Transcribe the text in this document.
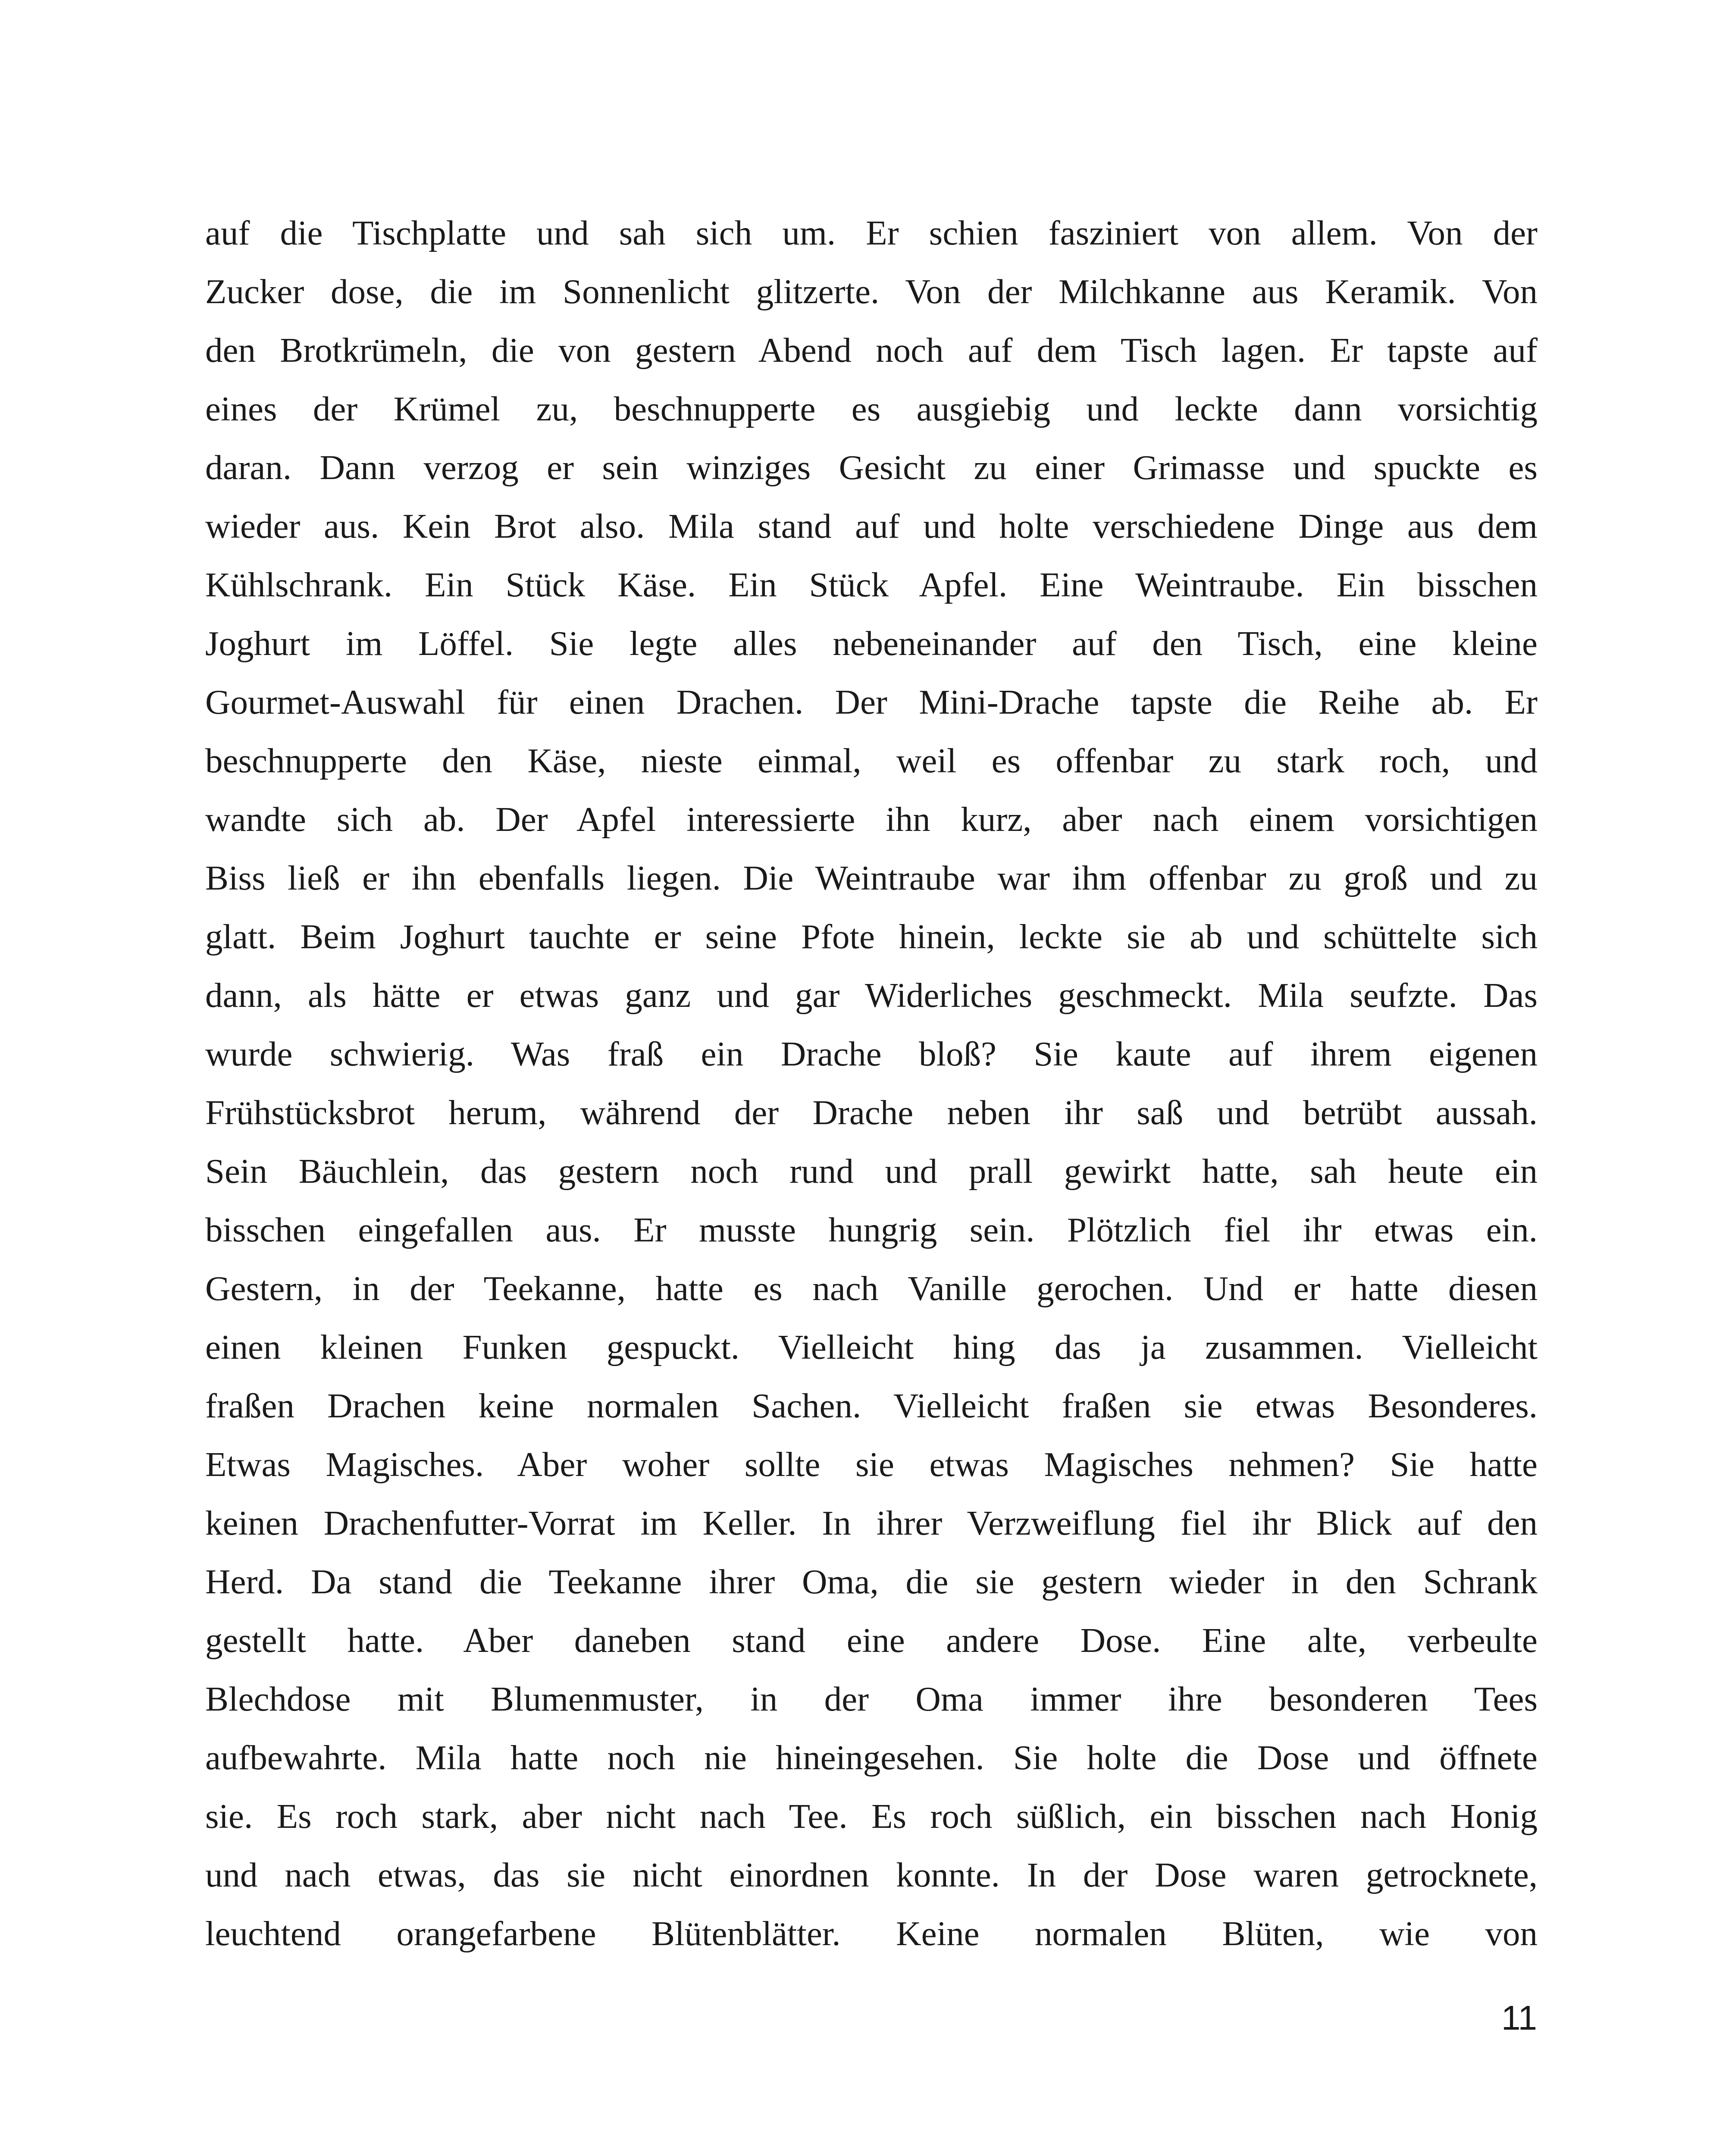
auf die Tischplatte und sah sich um. Er schien fasziniert von allem. Von der
Zucker dose, die im Sonnenlicht glitzerte. Von der Milchkanne aus Keramik. Von
den Brotkrümeln, die von gestern Abend noch auf dem Tisch lagen. Er tapste auf
eines der Krümel zu, beschnupperte es ausgiebig und leckte dann vorsichtig
daran. Dann verzog er sein winziges Gesicht zu einer Grimasse und spuckte es
wieder aus. Kein Brot also. Mila stand auf und holte verschiedene Dinge aus dem
Kühlschrank. Ein Stück Käse. Ein Stück Apfel. Eine Weintraube. Ein bisschen
Joghurt im Löffel. Sie legte alles nebeneinander auf den Tisch, eine kleine
Gourmet-Auswahl für einen Drachen. Der Mini-Drache tapste die Reihe ab. Er
beschnupperte den Käse, nieste einmal, weil es offenbar zu stark roch, und
wandte sich ab. Der Apfel interessierte ihn kurz, aber nach einem vorsichtigen
Biss ließ er ihn ebenfalls liegen. Die Weintraube war ihm offenbar zu groß und zu
glatt. Beim Joghurt tauchte er seine Pfote hinein, leckte sie ab und schüttelte sich
dann, als hätte er etwas ganz und gar Widerliches geschmeckt. Mila seufzte. Das
wurde schwierig. Was fraß ein Drache bloß? Sie kaute auf ihrem eigenen
Frühstücksbrot herum, während der Drache neben ihr saß und betrübt aussah.
Sein Bäuchlein, das gestern noch rund und prall gewirkt hatte, sah heute ein
bisschen eingefallen aus. Er musste hungrig sein. Plötzlich fiel ihr etwas ein.
Gestern, in der Teekanne, hatte es nach Vanille gerochen. Und er hatte diesen
einen kleinen Funken gespuckt. Vielleicht hing das ja zusammen. Vielleicht
fraßen Drachen keine normalen Sachen. Vielleicht fraßen sie etwas Besonderes.
Etwas Magisches. Aber woher sollte sie etwas Magisches nehmen? Sie hatte
keinen Drachenfutter-Vorrat im Keller. In ihrer Verzweiflung fiel ihr Blick auf den
Herd. Da stand die Teekanne ihrer Oma, die sie gestern wieder in den Schrank
gestellt hatte. Aber daneben stand eine andere Dose. Eine alte, verbeulte
Blechdose mit Blumenmuster, in der Oma immer ihre besonderen Tees
aufbewahrte. Mila hatte noch nie hineingesehen. Sie holte die Dose und öffnete
sie. Es roch stark, aber nicht nach Tee. Es roch süßlich, ein bisschen nach Honig
und nach etwas, das sie nicht einordnen konnte. In der Dose waren getrocknete,
leuchtend orangefarbene Blütenblätter. Keine normalen Blüten, wie von
11
